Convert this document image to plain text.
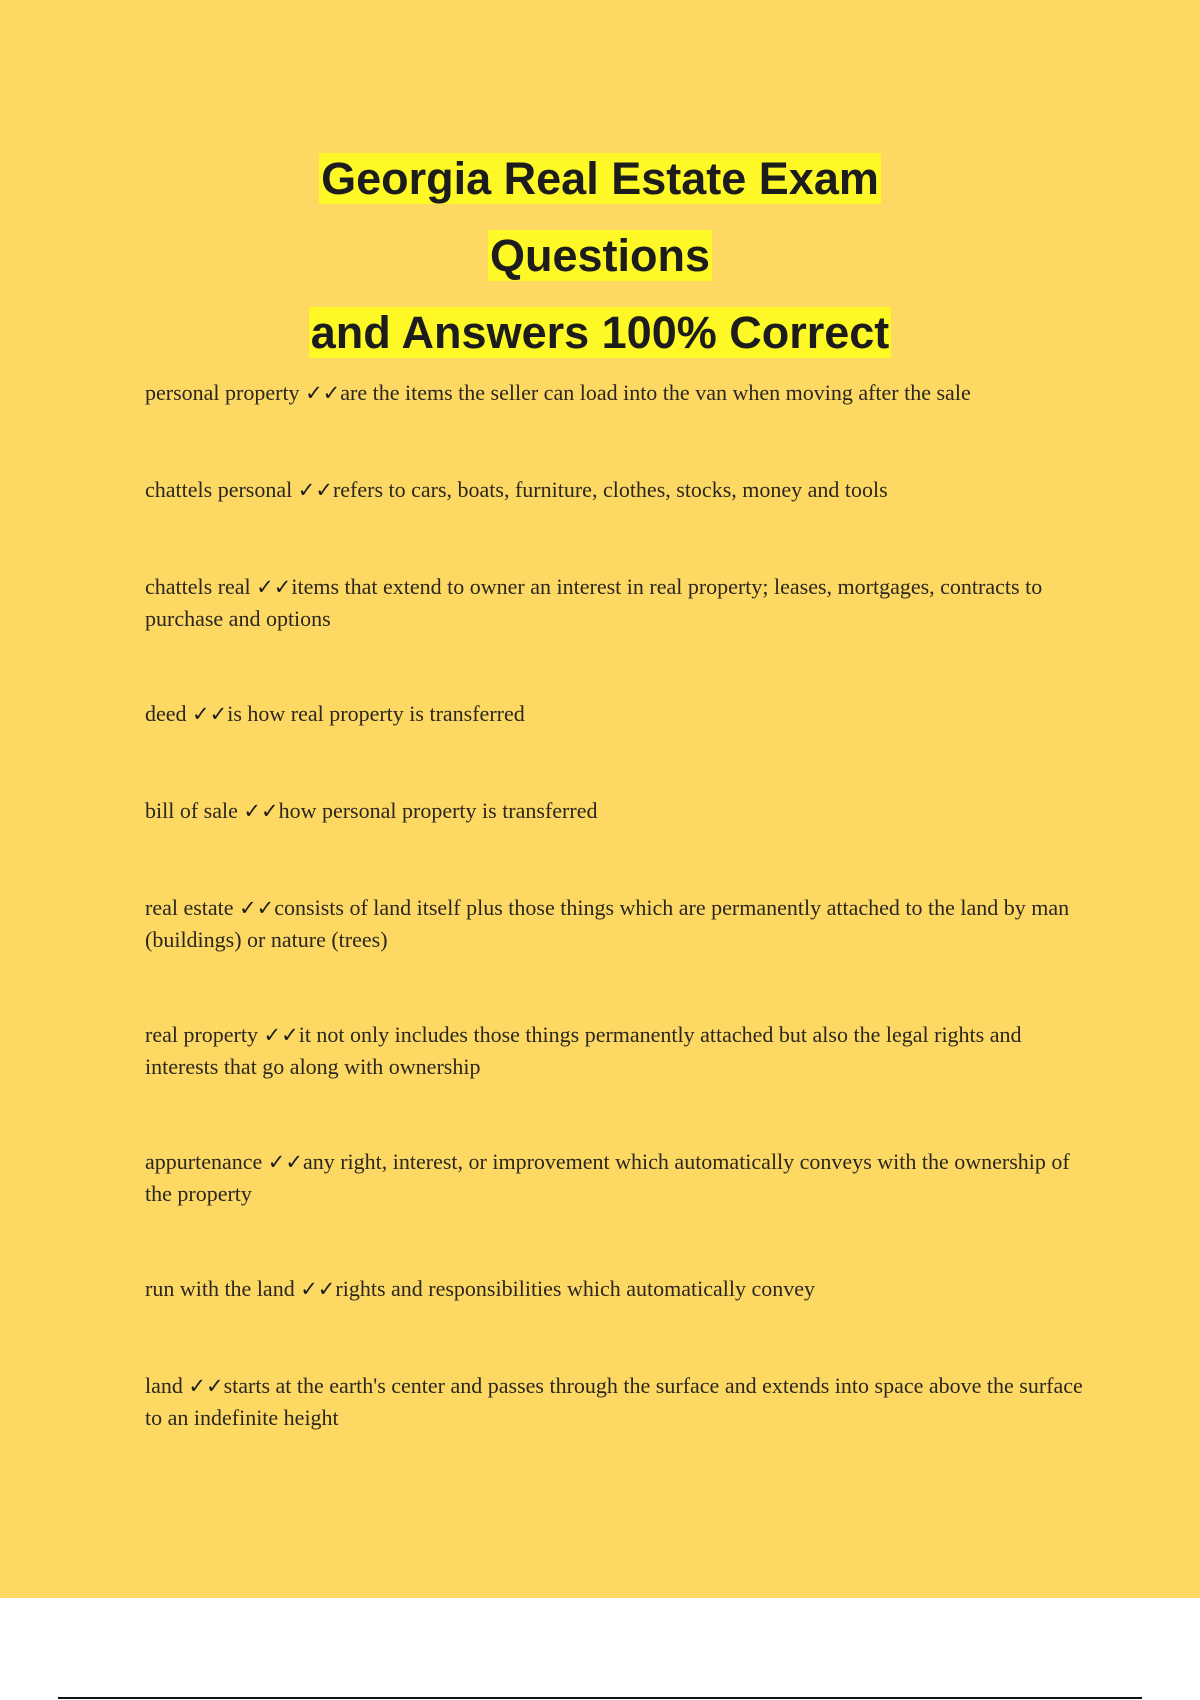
Georgia Real Estate Exam
Questions
and Answers 100% Correct
personal property ✓✓are the items the seller can load into the van when moving after the sale
chattels personal ✓✓refers to cars, boats, furniture, clothes, stocks, money and tools
chattels real ✓✓items that extend to owner an interest in real property; leases, mortgages, contracts to purchase and options
deed ✓✓is how real property is transferred
bill of sale ✓✓how personal property is transferred
real estate ✓✓consists of land itself plus those things which are permanently attached to the land by man (buildings) or nature (trees)
real property ✓✓it not only includes those things permanently attached but also the legal rights and interests that go along with ownership
appurtenance ✓✓any right, interest, or improvement which automatically conveys with the ownership of the property
run with the land ✓✓rights and responsibilities which automatically convey
land ✓✓starts at the earth's center and passes through the surface and extends into space above the surface to an indefinite height
